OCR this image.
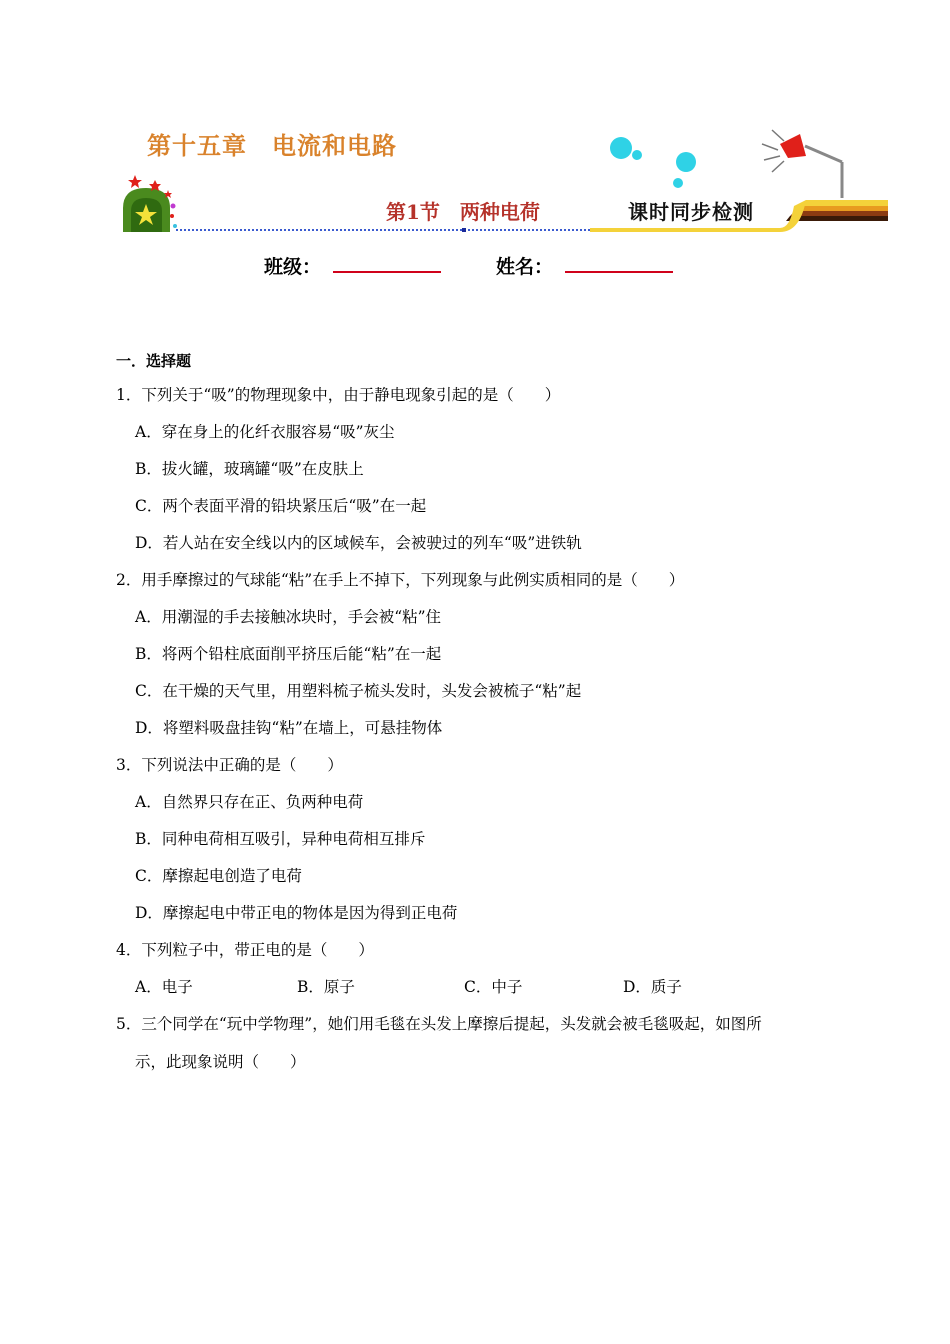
第十五章　电流和电路
第1节　两种电荷	课时同步检测
班级：	姓名：
一．选择题
1．下列关于“吸”的物理现象中，由于静电现象引起的是（　　）
A．穿在身上的化纤衣服容易“吸”灰尘
B．拔火罐，玻璃罐“吸”在皮肤上
C．两个表面平滑的铅块紧压后“吸”在一起
D．若人站在安全线以内的区域候车，会被驶过的列车“吸”进铁轨
2．用手摩擦过的气球能“粘”在手上不掉下，下列现象与此例实质相同的是（　　）
A．用潮湿的手去接触冰块时，手会被“粘”住
B．将两个铅柱底面削平挤压后能“粘”在一起
C．在干燥的天气里，用塑料梳子梳头发时，头发会被梳子“粘”起
D．将塑料吸盘挂钩“粘”在墙上，可悬挂物体
3．下列说法中正确的是（　　）
A．自然界只存在正、负两种电荷
B．同种电荷相互吸引，异种电荷相互排斥
C．摩擦起电创造了电荷
D．摩擦起电中带正电的物体是因为得到正电荷
4．下列粒子中，带正电的是（　　）
A．电子	B．原子	C．中子	D．质子
5．三个同学在“玩中学物理”，她们用毛毯在头发上摩擦后提起，头发就会被毛毯吸起，如图所
示，此现象说明（　　）
